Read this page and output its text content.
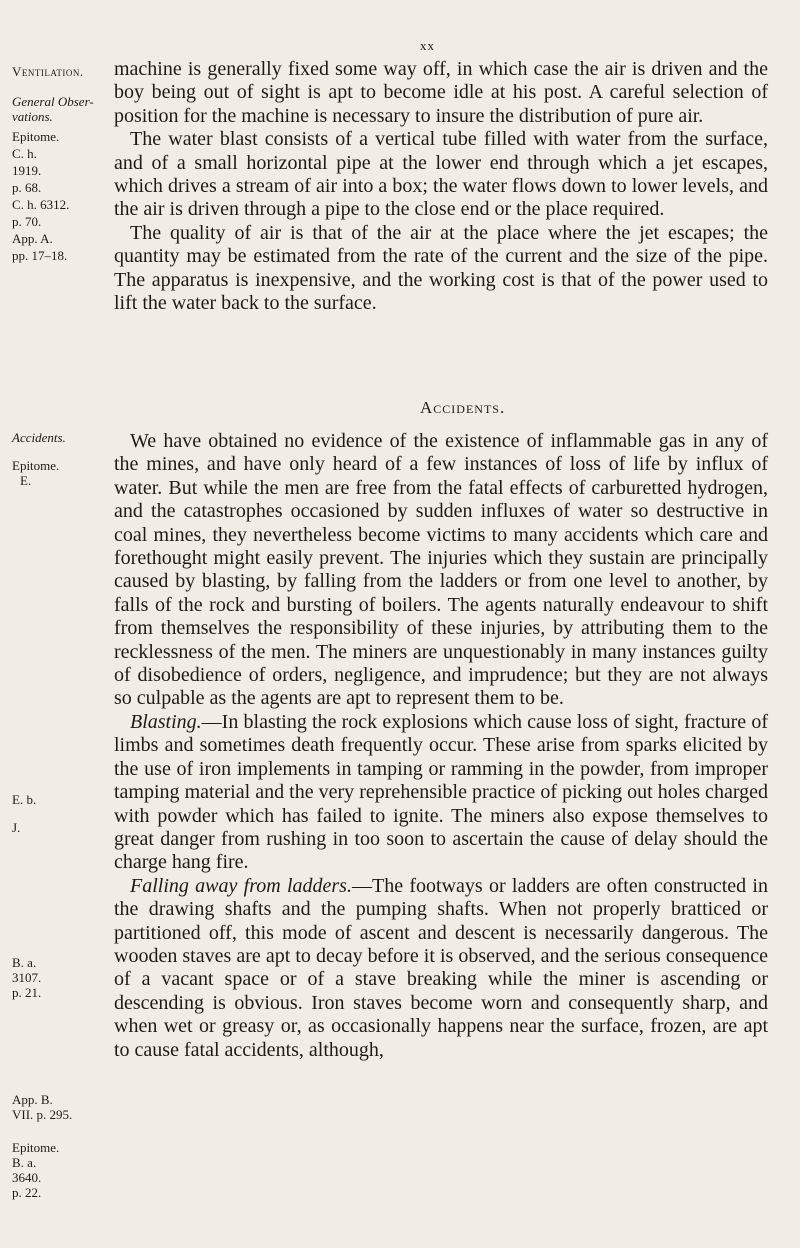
xx
Ventilation.
General Obser-
vations.
Epitome.
C. h.
1919.
p. 68.
C. h. 6312.
p. 70.
App. A.
pp. 17–18.

machine is generally fixed some way off, in which case the air is driven and the boy being out of sight is apt to become idle at his post. A careful selection of position for the machine is necessary to insure the distribution of pure air.

The water blast consists of a vertical tube filled with water from the surface, and of a small horizontal pipe at the lower end through which a jet escapes, which drives a stream of air into a box; the water flows down to lower levels, and the air is driven through a pipe to the close end or the place required.

The quality of air is that of the air at the place where the jet escapes; the quantity may be estimated from the rate of the current and the size of the pipe. The apparatus is inexpensive, and the working cost is that of the power used to lift the water back to the surface.

Accidents.
Accidents.
Epitome.
E.
E. b.
J.
B. a.
3107.
p. 21.
App. B.
VII. p. 295.
Epitome.
B. a.
3640.
p. 22.

We have obtained no evidence of the existence of inflammable gas in any of the mines, and have only heard of a few instances of loss of life by influx of water. But while the men are free from the fatal effects of carburetted hydrogen, and the catastrophes occasioned by sudden influxes of water so destructive in coal mines, they nevertheless become victims to many accidents which care and forethought might easily prevent. The injuries which they sustain are principally caused by blasting, by falling from the ladders or from one level to another, by falls of the rock and bursting of boilers. The agents naturally endeavour to shift from themselves the responsibility of these injuries, by attributing them to the recklessness of the men. The miners are unquestionably in many instances guilty of disobedience of orders, negligence, and imprudence; but they are not always so culpable as the agents are apt to represent them to be.

Blasting.—In blasting the rock explosions which cause loss of sight, fracture of limbs and sometimes death frequently occur. These arise from sparks elicited by the use of iron implements in tamping or ramming in the powder, from improper tamping material and the very reprehensible practice of picking out holes charged with powder which has failed to ignite. The miners also expose themselves to great danger from rushing in too soon to ascertain the cause of delay should the charge hang fire.

Falling away from ladders.—The footways or ladders are often constructed in the drawing shafts and the pumping shafts. When not properly bratticed or partitioned off, this mode of ascent and descent is necessarily dangerous. The wooden staves are apt to decay before it is observed, and the serious consequence of a vacant space or of a stave breaking while the miner is ascending or descending is obvious. Iron staves become worn and consequently sharp, and when wet or greasy or, as occasionally happens near the surface, frozen, are apt to cause fatal accidents, although,
